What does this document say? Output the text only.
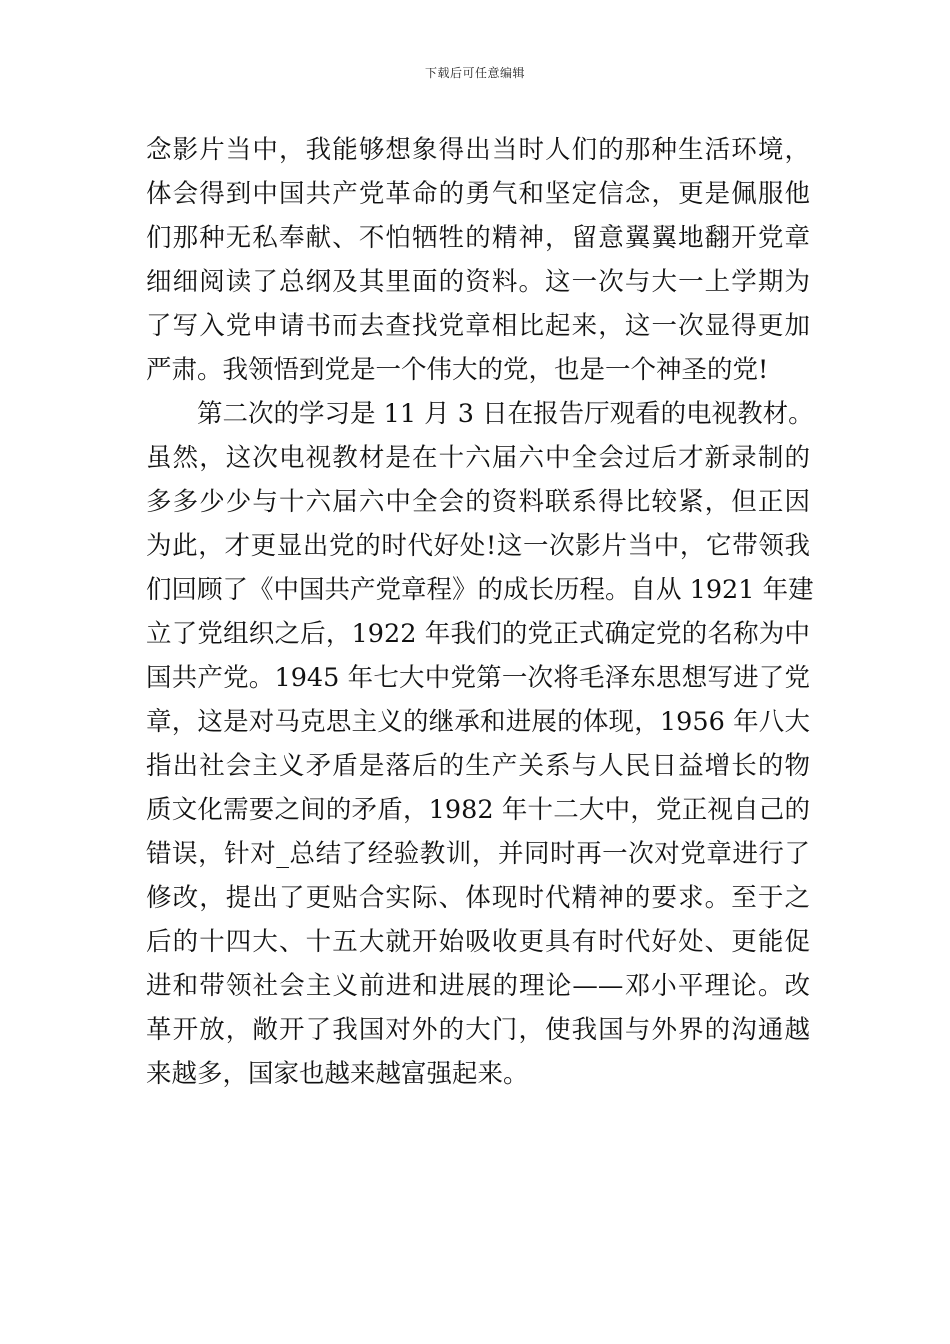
下载后可任意编辑
念影片当中，我能够想象得出当时人们的那种生活环境，
体会得到中国共产党革命的勇气和坚定信念，更是佩服他
们那种无私奉献、不怕牺牲的精神，留意翼翼地翻开党章
细细阅读了总纲及其里面的资料。这一次与大一上学期为
了写入党申请书而去查找党章相比起来，这一次显得更加
严肃。我领悟到党是一个伟大的党，也是一个神圣的党!
第二次的学习是 11 月 3 日在报告厅观看的电视教材。
虽然，这次电视教材是在十六届六中全会过后才新录制的
多多少少与十六届六中全会的资料联系得比较紧，但正因
为此，才更显出党的时代好处!这一次影片当中，它带领我
们回顾了《中国共产党章程》的成长历程。自从 1921 年建
立了党组织之后，1922 年我们的党正式确定党的名称为中
国共产党。1945 年七大中党第一次将毛泽东思想写进了党
章，这是对马克思主义的继承和进展的体现，1956 年八大
指出社会主义矛盾是落后的生产关系与人民日益增长的物
质文化需要之间的矛盾，1982 年十二大中，党正视自己的
错误，针对_总结了经验教训，并同时再一次对党章进行了
修改，提出了更贴合实际、体现时代精神的要求。至于之
后的十四大、十五大就开始吸收更具有时代好处、更能促
进和带领社会主义前进和进展的理论——邓小平理论。改
革开放，敞开了我国对外的大门，使我国与外界的沟通越
来越多，国家也越来越富强起来。
